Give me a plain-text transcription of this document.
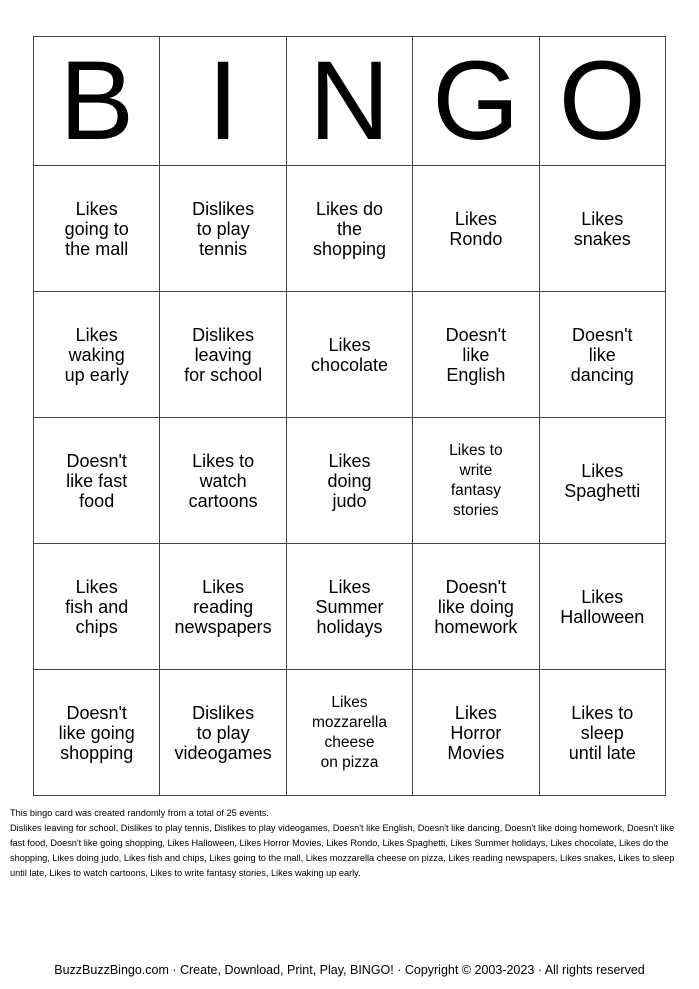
B	I	N	G	O
Likes
going to
the mall	Dislikes
to play
tennis	Likes do
the
shopping	Likes
Rondo	Likes
snakes
Likes
waking
up early	Dislikes
leaving
for school	Likes
chocolate	Doesn't
like
English	Doesn't
like
dancing
Doesn't
like fast
food	Likes to
watch
cartoons	Likes
doing
judo	Likes to
write
fantasy
stories	Likes
Spaghetti
Likes
fish and
chips	Likes
reading
newspapers	Likes
Summer
holidays	Doesn't
like doing
homework	Likes
Halloween
Doesn't
like going
shopping	Dislikes
to play
videogames	Likes
mozzarella
cheese
on pizza	Likes
Horror
Movies	Likes to
sleep
until late
This bingo card was created randomly from a total of 25 events.
Dislikes leaving for school, Dislikes to play tennis, Dislikes to play videogames, Doesn't like English, Doesn't like dancing, Doesn't like doing homework, Doesn't like fast food, Doesn't like going shopping, Likes Halloween, Likes Horror Movies, Likes Rondo, Likes Spaghetti, Likes Summer holidays, Likes chocolate, Likes do the shopping, Likes doing judo, Likes fish and chips, Likes going to the mall, Likes mozzarella cheese on pizza, Likes reading newspapers, Likes snakes, Likes to sleep until late, Likes to watch cartoons, Likes to write fantasy stories, Likes waking up early.
BuzzBuzzBingo.com · Create, Download, Print, Play, BINGO! · Copyright © 2003-2023 · All rights reserved
